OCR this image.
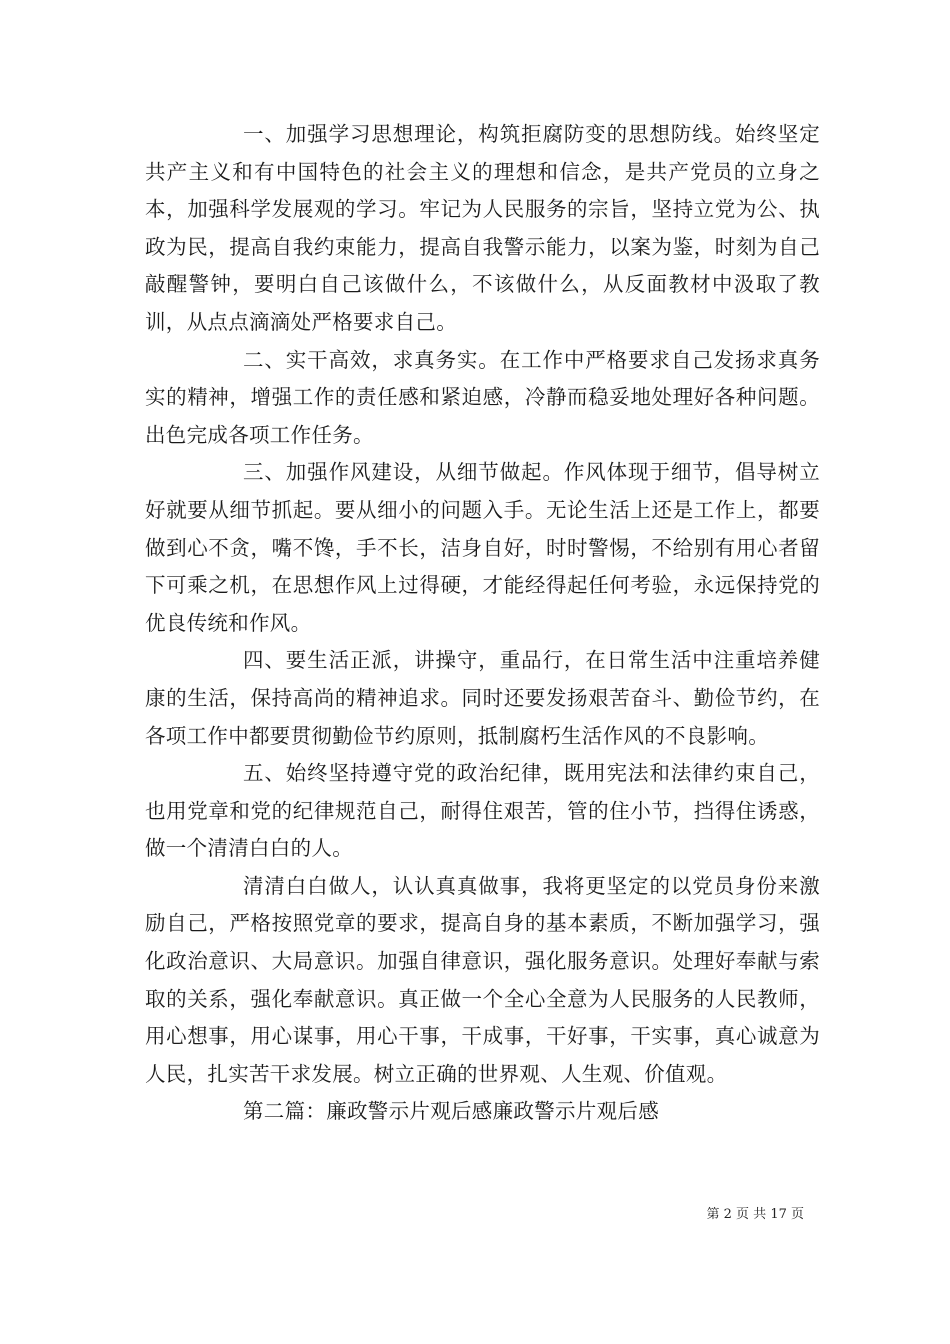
一、加强学习思想理论，构筑拒腐防变的思想防线。始终坚定共产主义和有中国特色的社会主义的理想和信念，是共产党员的立身之本，加强科学发展观的学习。牢记为人民服务的宗旨，坚持立党为公、执政为民，提高自我约束能力，提高自我警示能力，以案为鉴，时刻为自己敲醒警钟，要明白自己该做什么，不该做什么，从反面教材中汲取了教训，从点点滴滴处严格要求自己。

二、实干高效，求真务实。在工作中严格要求自己发扬求真务实的精神，增强工作的责任感和紧迫感，冷静而稳妥地处理好各种问题。出色完成各项工作任务。

三、加强作风建设，从细节做起。作风体现于细节，倡导树立好就要从细节抓起。要从细小的问题入手。无论生活上还是工作上，都要做到心不贪，嘴不馋，手不长，洁身自好，时时警惕，不给别有用心者留下可乘之机，在思想作风上过得硬，才能经得起任何考验，永远保持党的优良传统和作风。

四、要生活正派，讲操守，重品行，在日常生活中注重培养健康的生活，保持高尚的精神追求。同时还要发扬艰苦奋斗、勤俭节约，在各项工作中都要贯彻勤俭节约原则，抵制腐朽生活作风的不良影响。

五、始终坚持遵守党的政治纪律，既用宪法和法律约束自己，也用党章和党的纪律规范自己，耐得住艰苦，管的住小节，挡得住诱惑，做一个清清白白的人。

清清白白做人，认认真真做事，我将更坚定的以党员身份来激励自己，严格按照党章的要求，提高自身的基本素质，不断加强学习，强化政治意识、大局意识。加强自律意识，强化服务意识。处理好奉献与索取的关系，强化奉献意识。真正做一个全心全意为人民服务的人民教师，用心想事，用心谋事，用心干事，干成事，干好事，干实事，真心诚意为人民，扎实苦干求发展。树立正确的世界观、人生观、价值观。

第二篇：廉政警示片观后感廉政警示片观后感

第 2 页 共 17 页
